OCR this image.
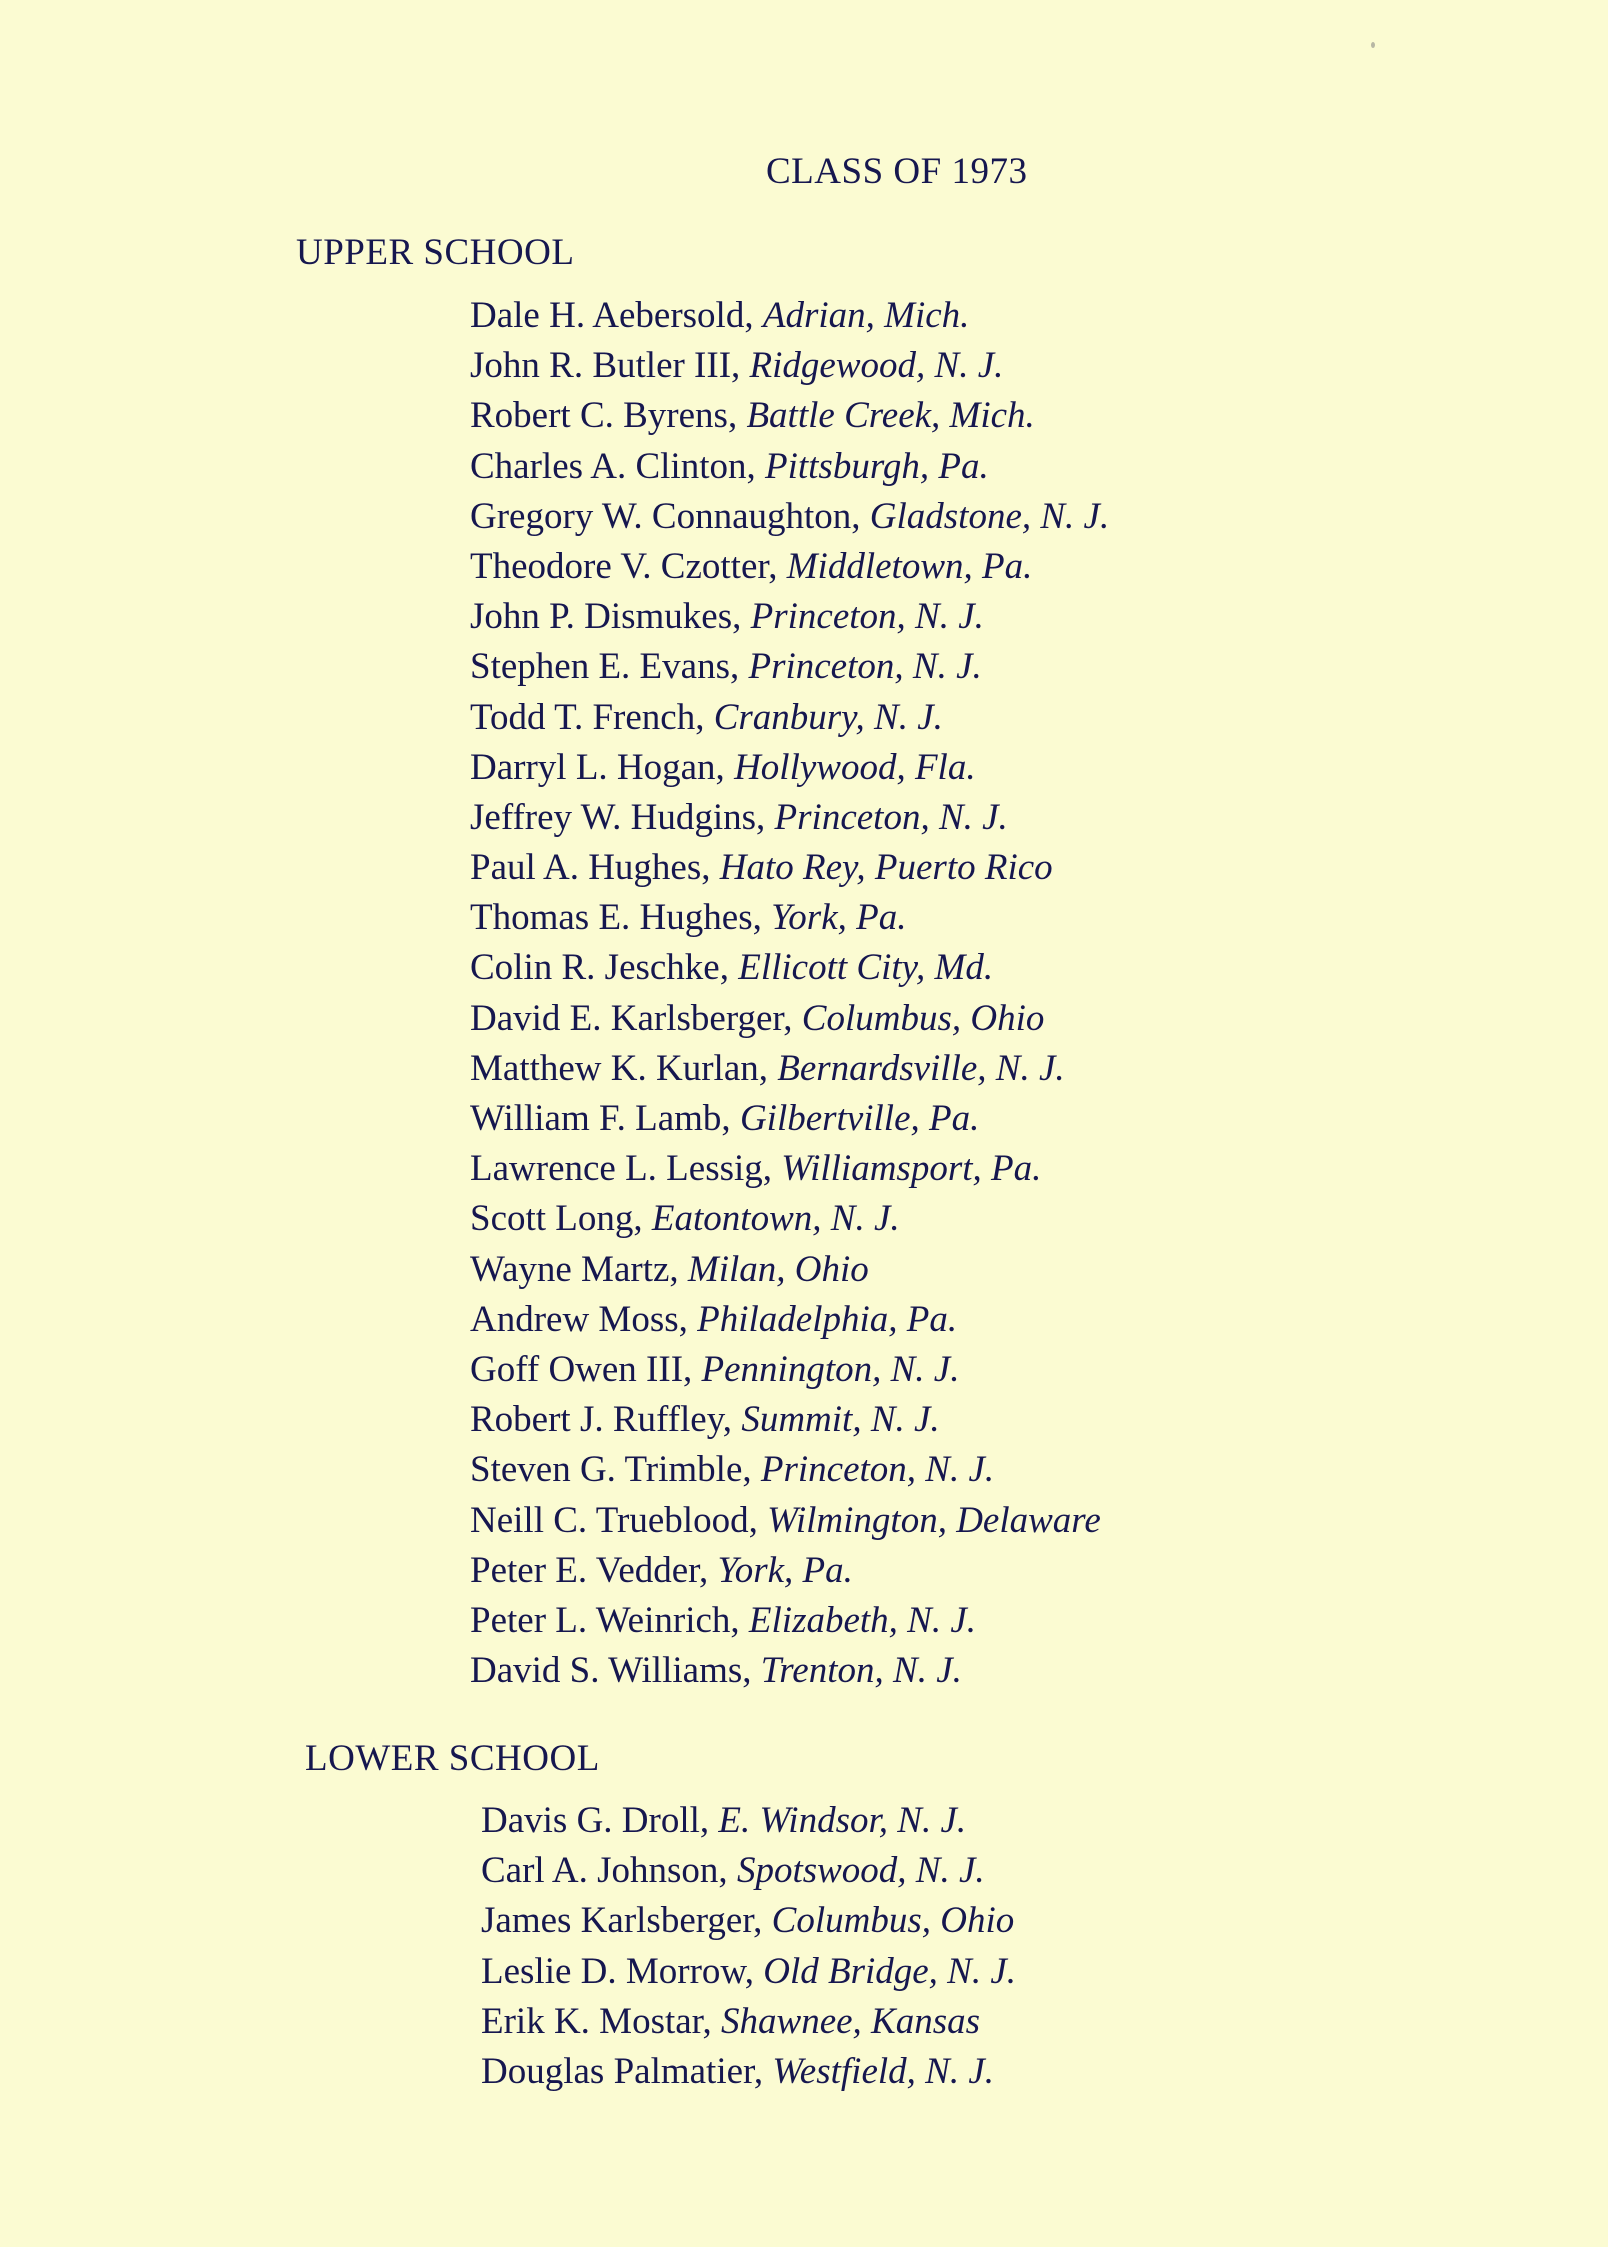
CLASS OF 1973
UPPER SCHOOL
Dale H. Aebersold, Adrian, Mich.
John R. Butler III, Ridgewood, N. J.
Robert C. Byrens, Battle Creek, Mich.
Charles A. Clinton, Pittsburgh, Pa.
Gregory W. Connaughton, Gladstone, N. J.
Theodore V. Czotter, Middletown, Pa.
John P. Dismukes, Princeton, N. J.
Stephen E. Evans, Princeton, N. J.
Todd T. French, Cranbury, N. J.
Darryl L. Hogan, Hollywood, Fla.
Jeffrey W. Hudgins, Princeton, N. J.
Paul A. Hughes, Hato Rey, Puerto Rico
Thomas E. Hughes, York, Pa.
Colin R. Jeschke, Ellicott City, Md.
David E. Karlsberger, Columbus, Ohio
Matthew K. Kurlan, Bernardsville, N. J.
William F. Lamb, Gilbertville, Pa.
Lawrence L. Lessig, Williamsport, Pa.
Scott Long, Eatontown, N. J.
Wayne Martz, Milan, Ohio
Andrew Moss, Philadelphia, Pa.
Goff Owen III, Pennington, N. J.
Robert J. Ruffley, Summit, N. J.
Steven G. Trimble, Princeton, N. J.
Neill C. Trueblood, Wilmington, Delaware
Peter E. Vedder, York, Pa.
Peter L. Weinrich, Elizabeth, N. J.
David S. Williams, Trenton, N. J.
LOWER SCHOOL
Davis G. Droll, E. Windsor, N. J.
Carl A. Johnson, Spotswood, N. J.
James Karlsberger, Columbus, Ohio
Leslie D. Morrow, Old Bridge, N. J.
Erik K. Mostar, Shawnee, Kansas
Douglas Palmatier, Westfield, N. J.
